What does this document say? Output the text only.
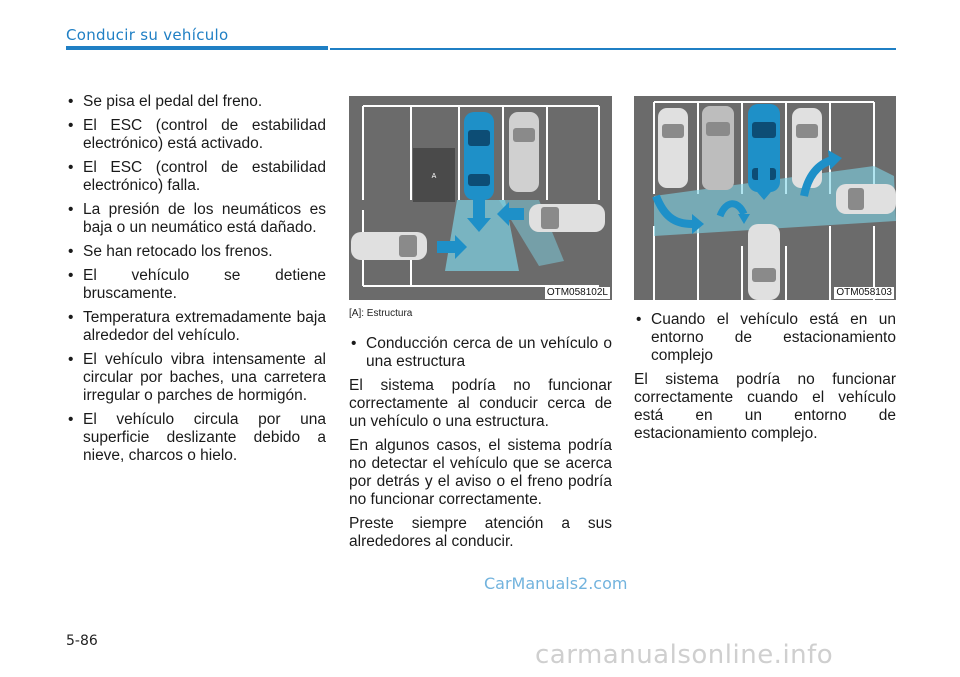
Conducir su vehículo
• Se pisa el pedal del freno.
• El ESC (control de estabilidad electrónico) está activado.
• El ESC (control de estabilidad electrónico) falla.
• La presión de los neumáticos es baja o un neumático está dañado.
• Se han retocado los frenos.
• El vehículo se detiene bruscamente.
• Temperatura extremadamente baja alrededor del vehículo.
• El vehículo vibra intensamente al circular por baches, una carretera irregular o parches de hormigón.
• El vehículo circula por una superficie deslizante debido a nieve, charcos o hielo.
A
OTM058102L
[A]: Estructura
• Conducción cerca de un vehículo o una estructura

El sistema podría no funcionar correctamente al conducir cerca de un vehículo o una estructura.

En algunos casos, el sistema podría no detectar el vehículo que se acerca por detrás y el aviso o el freno podría no funcionar correctamente.

Preste siempre atención a sus alrededores al conducir.

OTM058103
• Cuando el vehículo está en un entorno de estacionamiento complejo

El sistema podría no funcionar correctamente cuando el vehículo está en un entorno de estacionamiento complejo.

CarManuals2.com
5-86	carmanualsonline.info
